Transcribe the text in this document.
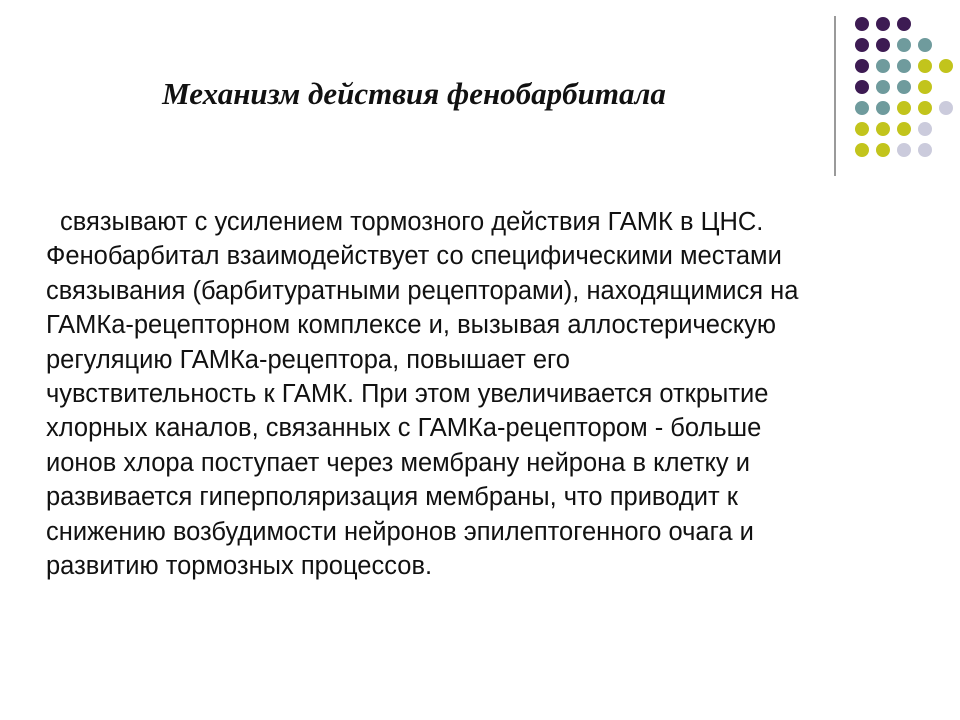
Механизм действия фенобарбитала
связывают с усилением тормозного действия ГАМК в ЦНС.
Фенобарбитал взаимодействует со специфическими местами
связывания (барбитуратными рецепторами), находящимися на
ГАМКа-рецепторном комплексе и, вызывая аллостерическую
регуляцию ГАМКа-рецептора, повышает его
чувствительность к ГАМК. При этом увеличивается открытие
хлорных каналов, связанных с ГАМКа-рецептором - больше
ионов хлора поступает через мембрану нейрона в клетку и
развивается гиперполяризация мембраны, что приводит к
снижению возбудимости нейронов эпилептогенного очага и
развитию тормозных процессов.
